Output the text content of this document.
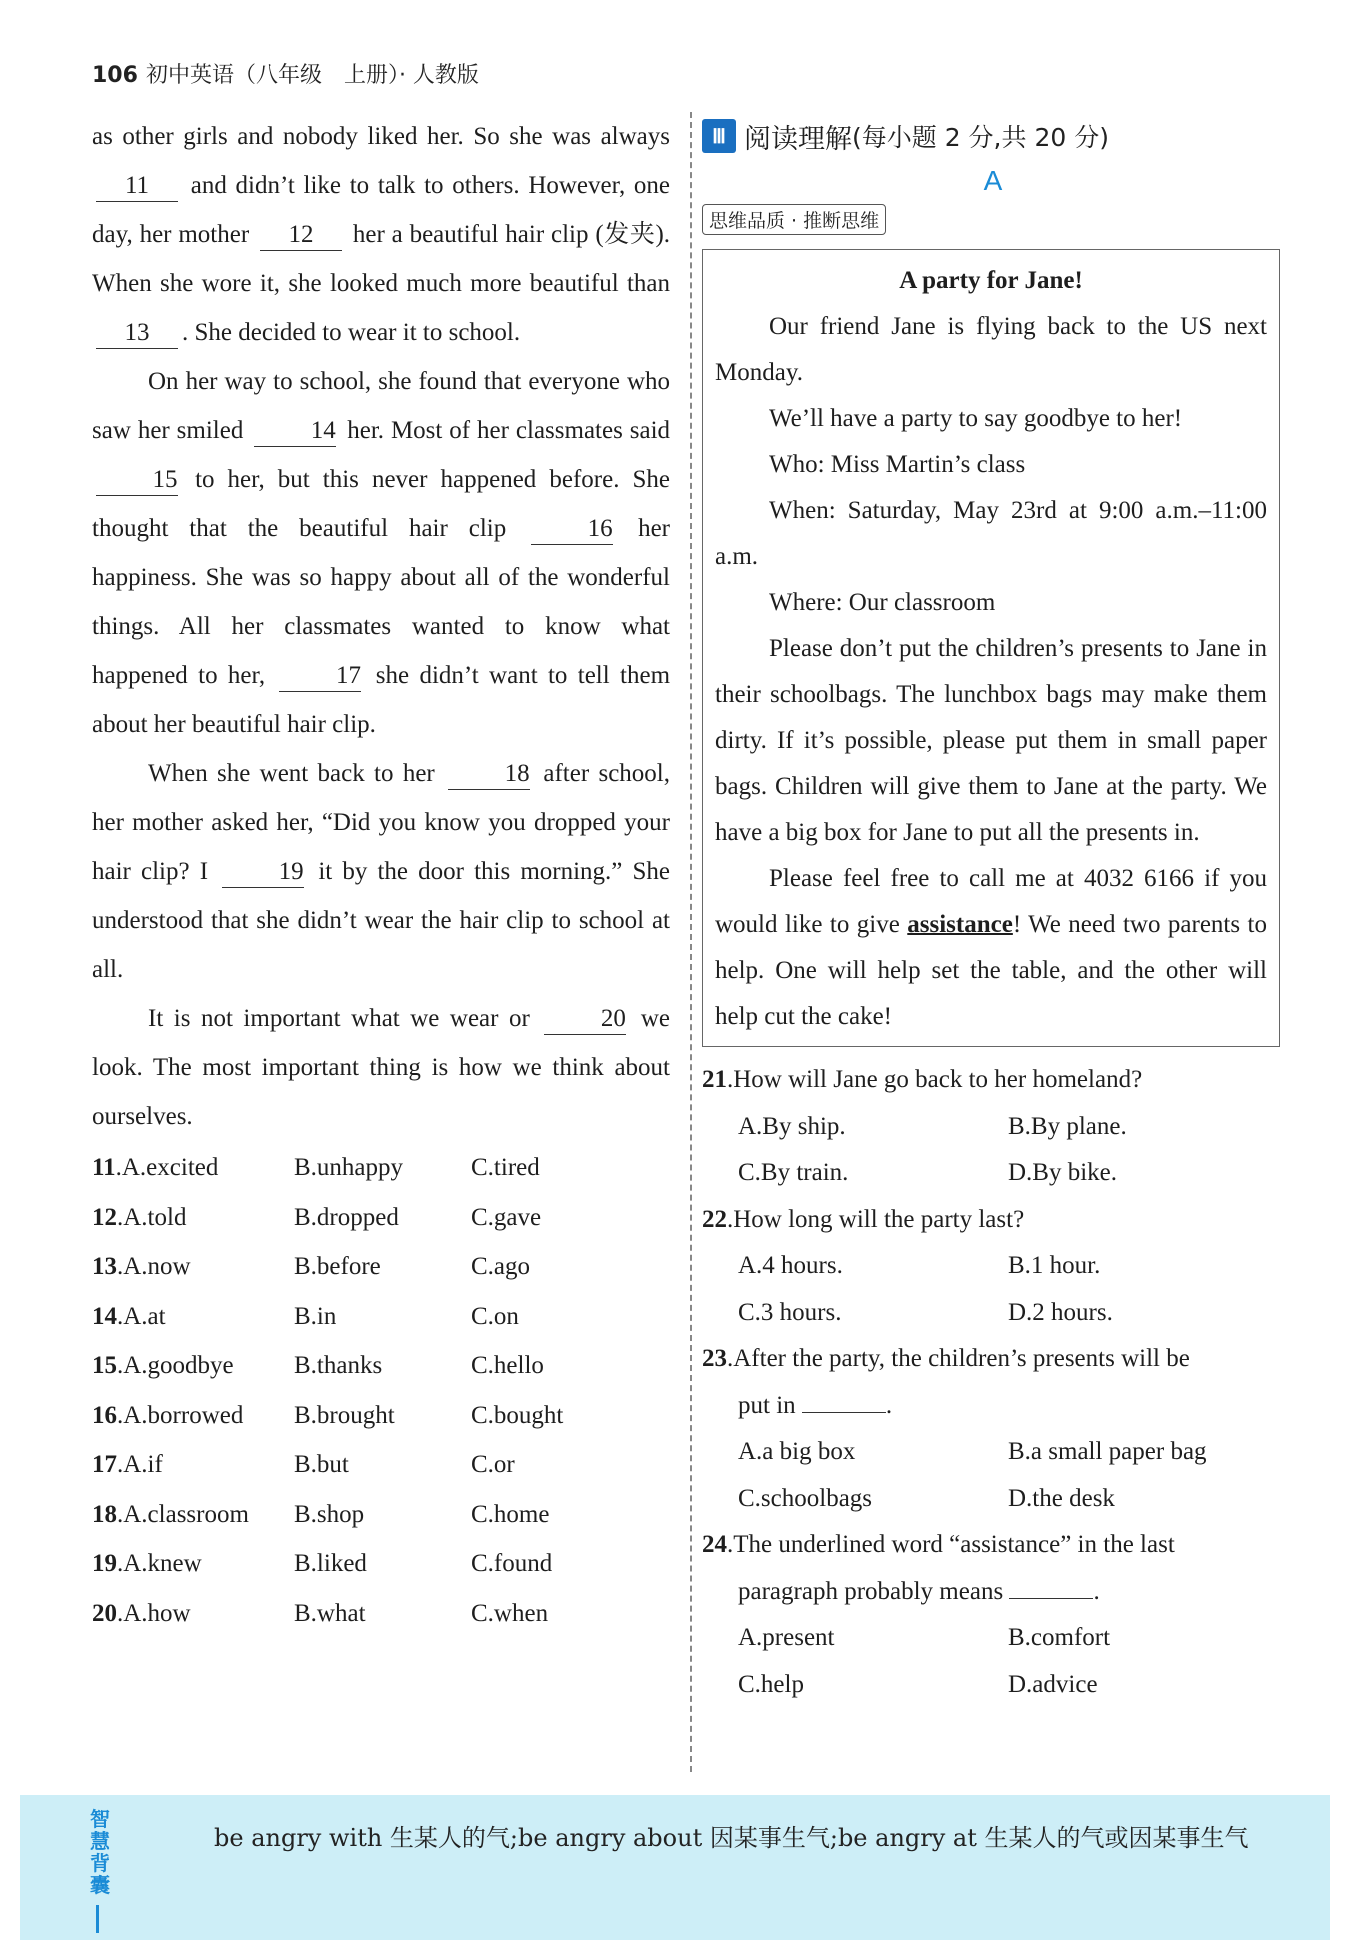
106 初中英语（八年级　上册）· 人教版

as other girls and nobody liked her. So she was always 11 and didn’t like to talk to others. However, one day, her mother 12 her a beautiful hair clip (发夹). When she wore it, she looked much more beautiful than 13 . She decided to wear it to school.

On her way to school, she found that everyone who saw her smiled	14 her. Most of her classmates said 15 to her, but this never happened before. She thought that the beautiful hair clip	16 her happiness. She was so happy about all of the wonderful things. All her classmates wanted to know what happened to her,	17 she didn’t want to tell them about her beautiful hair clip.

When she went back to her	18 after school, her mother asked her, “Did you know you dropped your hair clip? I	19 it by the door this morning.” She understood that she didn’t wear the hair clip to school at all.

It is not important what we wear or	20 we look. The most important thing is how we think about ourselves.

11.A.excited	B.unhappy	C.tired
12.A.told	B.dropped	C.gave
13.A.now	B.before	C.ago
14.A.at	B.in	C.on
15.A.goodbye	B.thanks	C.hello
16.A.borrowed	B.brought	C.bought
17.A.if	B.but	C.or
18.A.classroom	B.shop	C.home
19.A.knew	B.liked	C.found
20.A.how	B.what	C.when
Ⅲ 阅读理解 (每小题 2 分,共 20 分)
A
思维品质 · 推断思维

A party for Jane!

Our friend Jane is flying back to the US next Monday.

We’ll have a party to say goodbye to her!

Who: Miss Martin’s class

When: Saturday, May 23rd at 9:00 a.m.–11:00 a.m.

Where: Our classroom

Please don’t put the children’s presents to Jane in their schoolbags. The lunchbox bags may make them dirty. If it’s possible, please put them in small paper bags. Children will give them to Jane at the party. We have a big box for Jane to put all the presents in.

Please feel free to call me at 4032 6166 if you would like to give assistance! We need two parents to help. One will help set the table, and the other will help cut the cake!

21.How will Jane go back to her homeland?
A.By ship.	B.By plane.
C.By train.	D.By bike.
22.How long will the party last?
A.4 hours.	B.1 hour.
C.3 hours.	D.2 hours.
23.After the party, the children’s presents will be
put in	.
A.a big box	B.a small paper bag
C.schoolbags	D.the desk
24.The underlined word “assistance” in the last
paragraph probably means	.
A.present	B.comfort
C.help	D.advice
智慧背囊
be angry with 生某人的气;be angry about 因某事生气;be angry at 生某人的气或因某事生气
